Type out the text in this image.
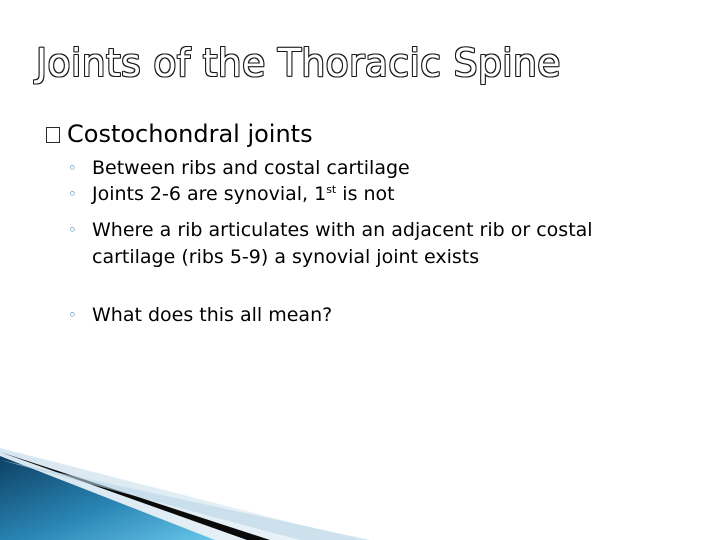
Joints of the Thoracic Spine
Costochondral joints
◦ Between ribs and costal cartilage
◦ Joints 2-6 are synovial, 1st is not
◦ Where a rib articulates with an adjacent rib or costal
cartilage (ribs 5-9) a synovial joint exists
◦ What does this all mean?
